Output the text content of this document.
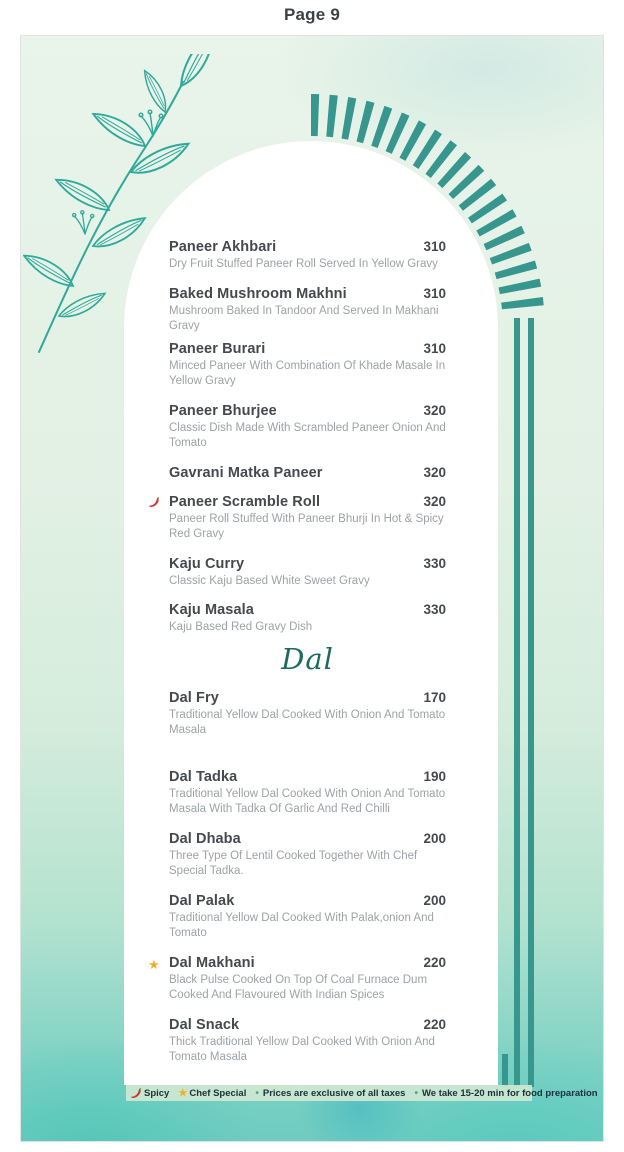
Page 9
Paneer Akhbari	310
Dry Fruit Stuffed Paneer Roll Served In Yellow Gravy
Baked Mushroom Makhni	310
Mushroom Baked In Tandoor And Served In Makhani Gravy
Paneer Burari	310
Minced Paneer With Combination Of Khade Masale In Yellow Gravy
Paneer Bhurjee	320
Classic Dish Made With Scrambled Paneer Onion And Tomato
Gavrani Matka Paneer	320
Paneer Scramble Roll	320
Paneer Roll Stuffed With Paneer Bhurji In Hot & Spicy Red Gravy
Kaju Curry	330
Classic Kaju Based White Sweet Gravy
Kaju Masala	330
Kaju Based Red Gravy Dish
Dal
Dal Fry	170
Traditional Yellow Dal Cooked With Onion And Tomato Masala
Dal Tadka	190
Traditional Yellow Dal Cooked With Onion And Tomato Masala With Tadka Of Garlic And Red Chilli
Dal Dhaba	200
Three Type Of Lentil Cooked Together With Chef Special Tadka.
Dal Palak	200
Traditional Yellow Dal Cooked With Palak,onion And Tomato
★ Dal Makhani	220
Black Pulse Cooked On Top Of Coal Furnace Dum Cooked And Flavoured With Indian Spices
Dal Snack	220
Thick Traditional Yellow Dal Cooked With Onion And Tomato Masala
Spicy ★ Chef Special • Prices are exclusive of all taxes • We take 15-20 min for food preparation
